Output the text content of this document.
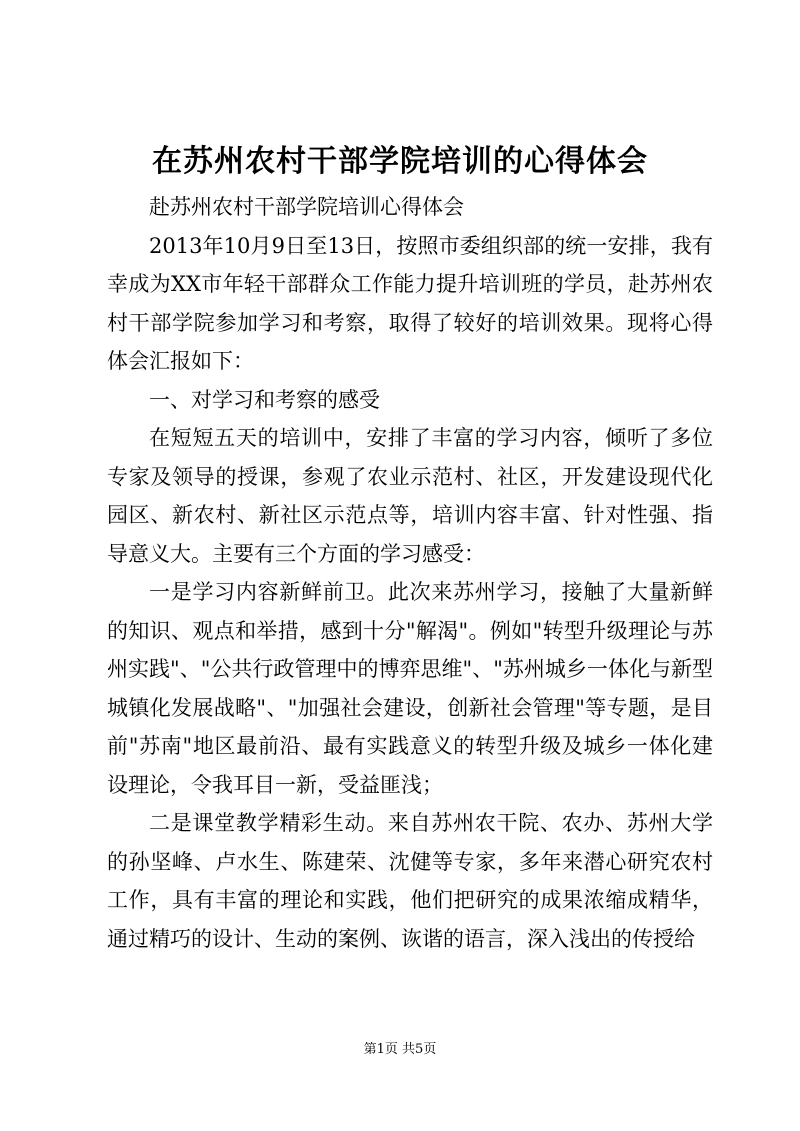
在苏州农村干部学院培训的心得体会

赴苏州农村干部学院培训心得体会

2013年10月9日至13日，按照市委组织部的统一安排，我有幸成为XX市年轻干部群众工作能力提升培训班的学员，赴苏州农村干部学院参加学习和考察，取得了较好的培训效果。现将心得体会汇报如下：

一、对学习和考察的感受

在短短五天的培训中，安排了丰富的学习内容，倾听了多位专家及领导的授课，参观了农业示范村、社区，开发建设现代化园区、新农村、新社区示范点等，培训内容丰富、针对性强、指导意义大。主要有三个方面的学习感受：

一是学习内容新鲜前卫。此次来苏州学习，接触了大量新鲜的知识、观点和举措，感到十分"解渴"。例如"转型升级理论与苏州实践"、"公共行政管理中的博弈思维"、"苏州城乡一体化与新型城镇化发展战略"、"加强社会建设，创新社会管理"等专题，是目前"苏南"地区最前沿、最有实践意义的转型升级及城乡一体化建设理论，令我耳目一新，受益匪浅；

二是课堂教学精彩生动。来自苏州农干院、农办、苏州大学的孙坚峰、卢水生、陈建荣、沈健等专家，多年来潜心研究农村工作，具有丰富的理论和实践，他们把研究的成果浓缩成精华，通过精巧的设计、生动的案例、诙谐的语言，深入浅出的传授给

第1页 共5页
